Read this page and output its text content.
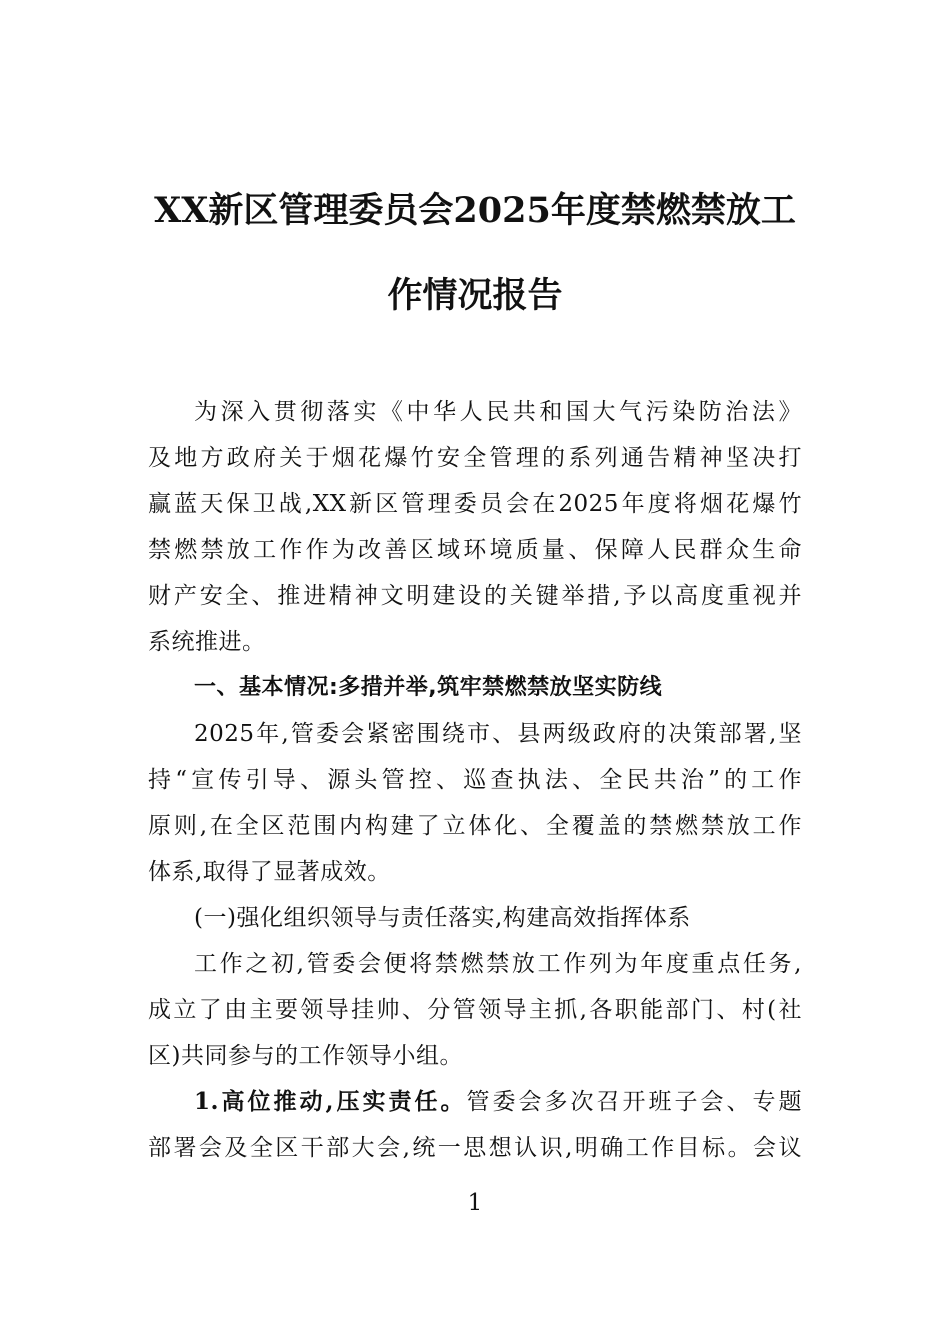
XX新区管理委员会2025年度禁燃禁放工
作情况报告
为深入贯彻落实《中华人民共和国大气污染防治法》
及地方政府关于烟花爆竹安全管理的系列通告精神坚决打
赢蓝天保卫战,XX新区管理委员会在2025年度将烟花爆竹
禁燃禁放工作作为改善区域环境质量、保障人民群众生命
财产安全、推进精神文明建设的关键举措,予以高度重视并
系统推进。
一、基本情况:多措并举,筑牢禁燃禁放坚实防线
2025年,管委会紧密围绕市、县两级政府的决策部署,坚
持“宣传引导、源头管控、巡查执法、全民共治”的工作
原则,在全区范围内构建了立体化、全覆盖的禁燃禁放工作
体系,取得了显著成效。
(一)强化组织领导与责任落实,构建高效指挥体系
工作之初,管委会便将禁燃禁放工作列为年度重点任务,
成立了由主要领导挂帅、分管领导主抓,各职能部门、村(社
区)共同参与的工作领导小组。
1.高位推动,压实责任。管委会多次召开班子会、专题
部署会及全区干部大会,统一思想认识,明确工作目标。会议
1
